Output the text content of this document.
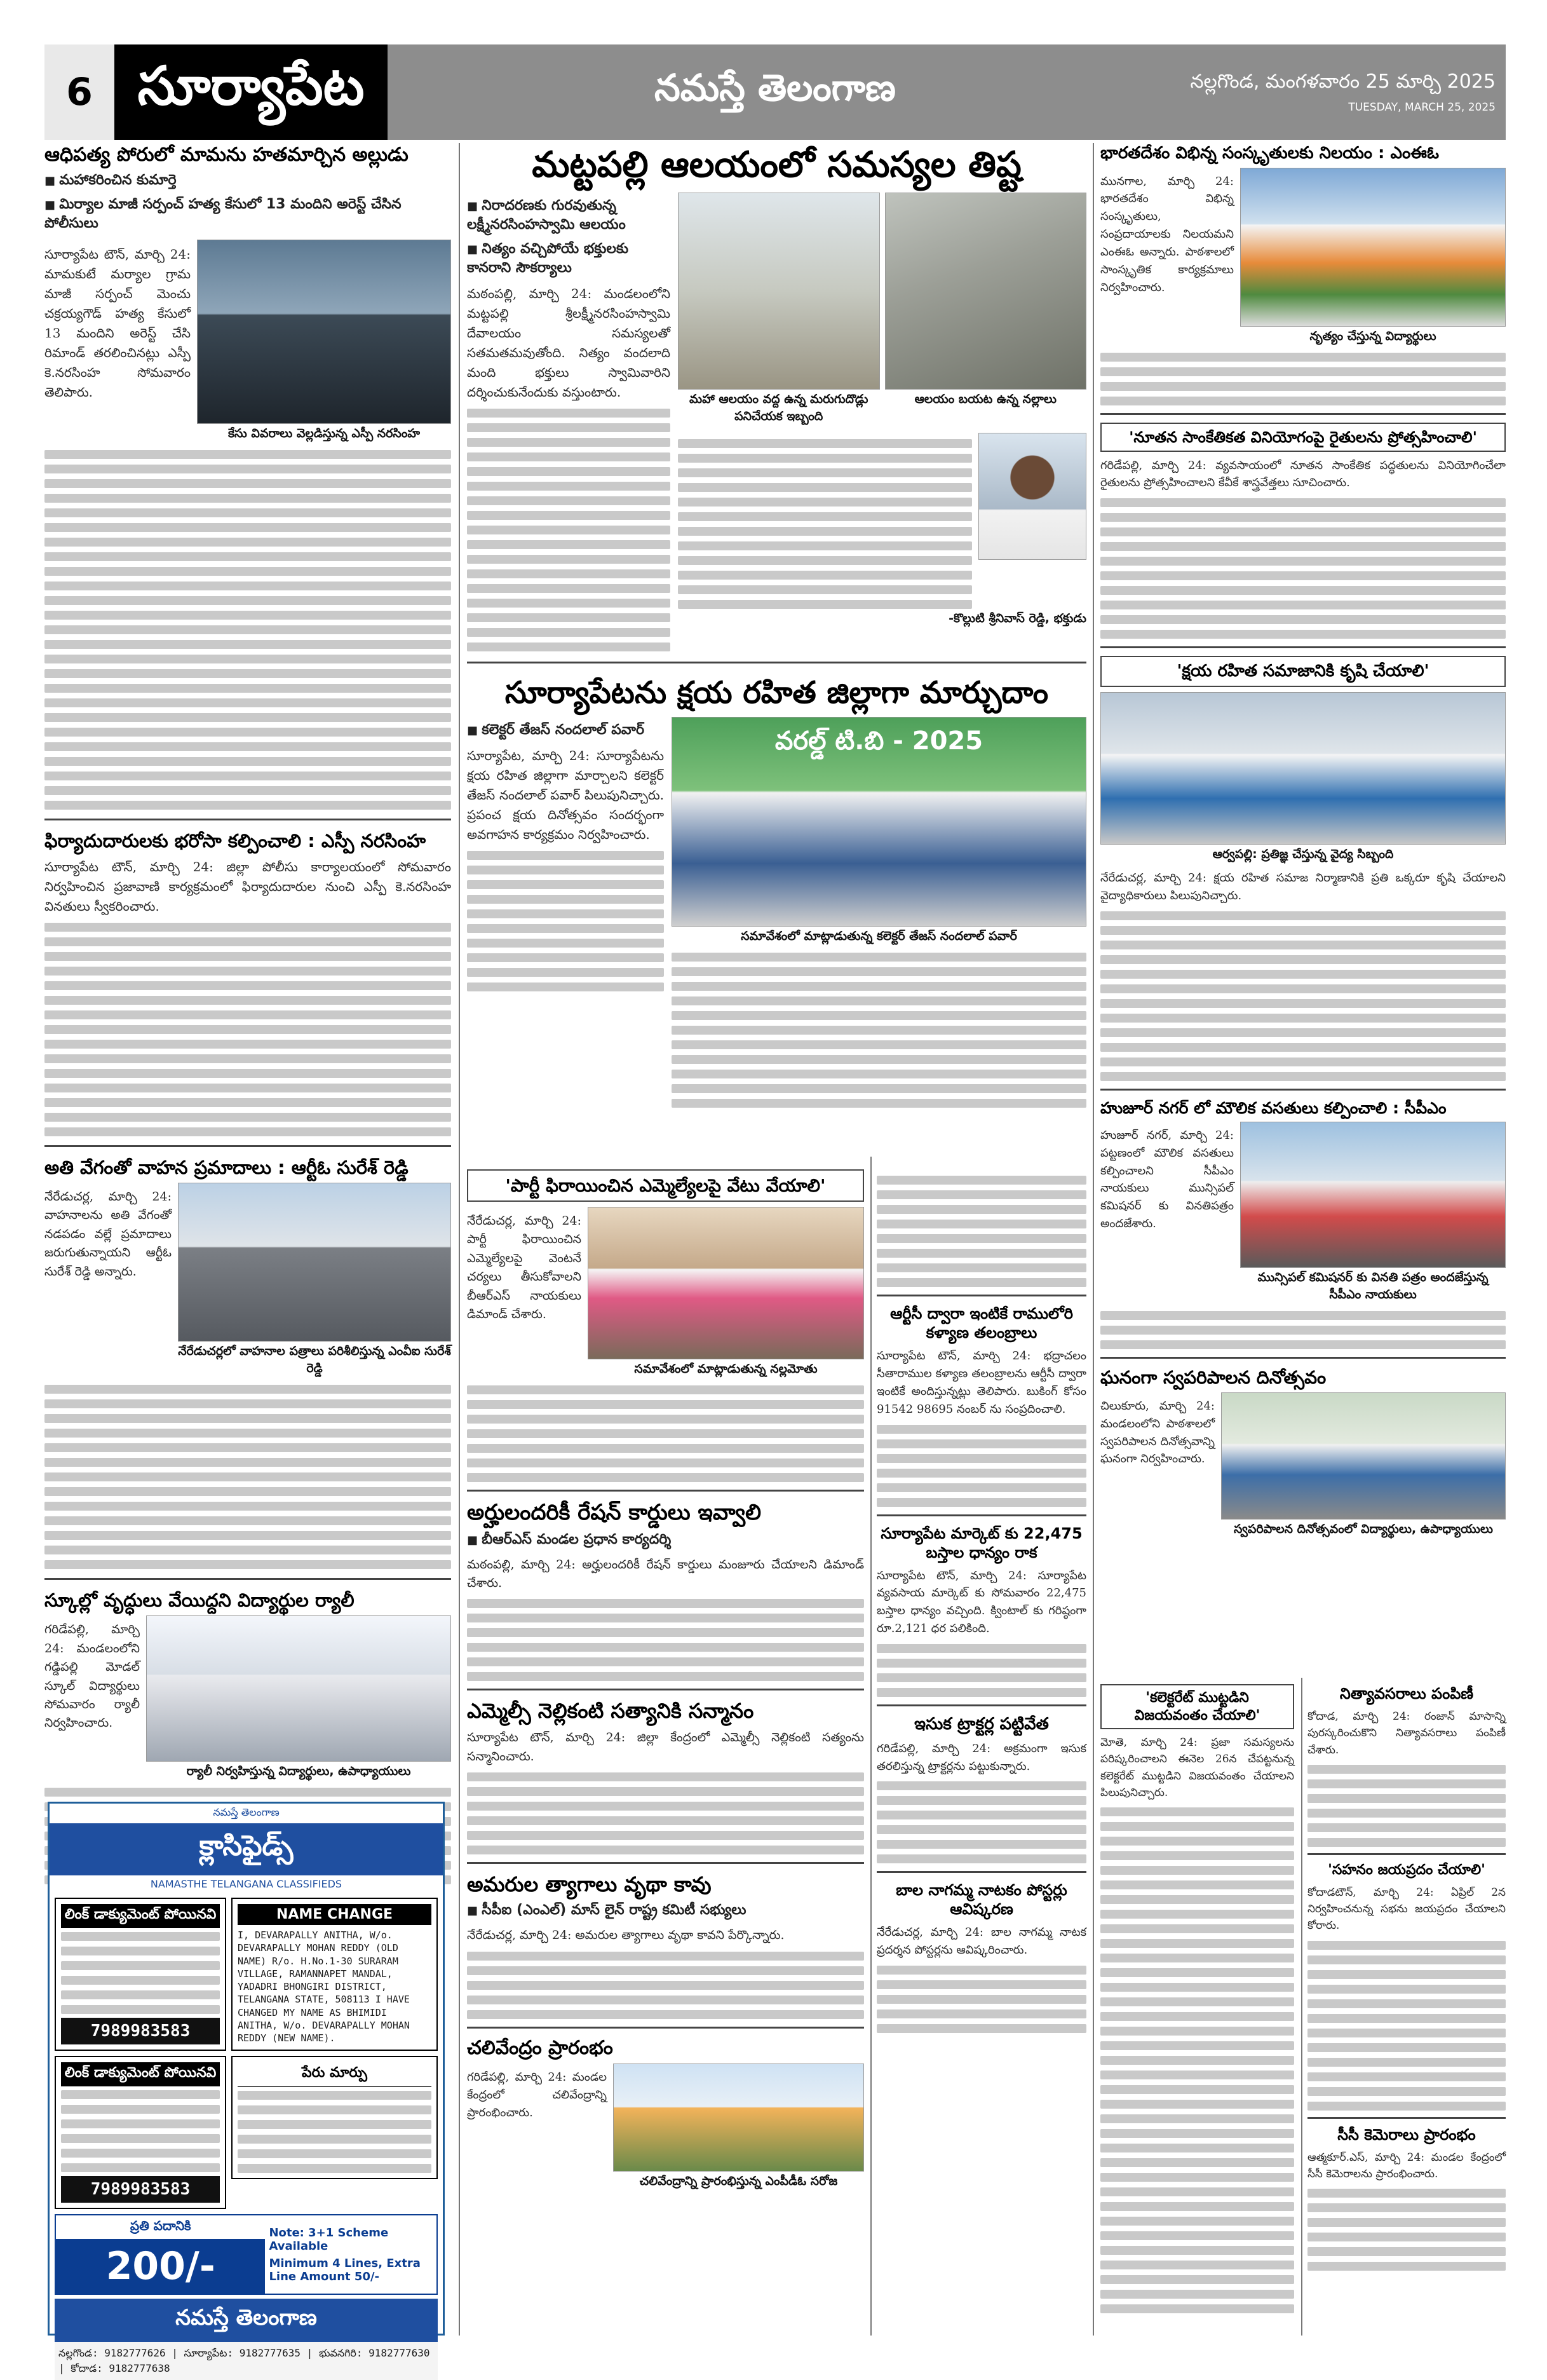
6 సూర్యాపేట	నమస్తే తెలంగాణ	నల్లగొండ, మంగళవారం 25 మార్చి 2025
TUESDAY, MARCH 25, 2025
ఆధిపత్య పోరులో మామను హతమార్చిన అల్లుడు
■ మహాకరించిన కుమార్తె
■ మిర్యాల మాజీ సర్పంచ్ హత్య కేసులో 13 మందిని అరెస్ట్ చేసిన పోలీసులు
సూర్యాపేట టౌన్, మార్చి 24: మామకుటే మర్యాల గ్రామ మాజీ సర్పంచ్ మెంచు చక్రయ్యగౌడ్ హత్య కేసులో 13 మందిని అరెస్ట్ చేసి రిమాండ్ తరలించినట్లు ఎస్పీ కె.నరసింహ సోమవారం తెలిపారు.
కేసు వివరాలు వెల్లడిస్తున్న ఎస్పీ నరసింహ
ఫిర్యాదుదారులకు భరోసా కల్పించాలి : ఎస్పీ నరసింహ
సూర్యాపేట టౌన్, మార్చి 24: జిల్లా పోలీసు కార్యాలయంలో సోమవారం నిర్వహించిన ప్రజావాణి కార్యక్రమంలో ఫిర్యాదుదారుల నుంచి ఎస్పీ కె.నరసింహ వినతులు స్వీకరించారు.
అతి వేగంతో వాహన ప్రమాదాలు : ఆర్టీఓ సురేశ్ రెడ్డి
నేరేడుచర్ల, మార్చి 24: వాహనాలను అతి వేగంతో నడపడం వల్లే ప్రమాదాలు జరుగుతున్నాయని ఆర్టీఓ సురేశ్ రెడ్డి అన్నారు.
నేరేడుచర్లలో వాహనాల పత్రాలు పరిశీలిస్తున్న ఎంవీఐ సురేశ్ రెడ్డి
స్కూల్లో వృద్ధులు వేయిద్దని విద్యార్థుల ర్యాలీ
గరిడేపల్లి, మార్చి 24: మండలంలోని గడ్డిపల్లి మోడల్ స్కూల్ విద్యార్థులు సోమవారం ర్యాలీ నిర్వహించారు.
ర్యాలీ నిర్వహిస్తున్న విద్యార్థులు, ఉపాధ్యాయులు
నమస్తే తెలంగాణ
క్లాసిఫైడ్స్
NAMASTHE TELANGANA CLASSIFIEDS
లింక్ డాక్యుమెంట్ పోయినవి
7989983583
లింక్ డాక్యుమెంట్ పోయినవి
7989983583
NAME CHANGE
I, DEVARAPALLY ANITHA, W/o. DEVARAPALLY MOHAN REDDY (OLD NAME) R/o. H.No.1-30 SURARAM VILLAGE, RAMANNAPET MANDAL, YADADRI BHONGIRI DISTRICT, TELANGANA STATE, 508113 I HAVE CHANGED MY NAME AS BHIMIDI ANITHA, W/o. DEVARAPALLY MOHAN REDDY (NEW NAME).
పేరు మార్పు
ప్రతి పదానికి
200/-
Note: 3+1 Scheme Available
Minimum 4 Lines, Extra Line Amount 50/-
నమస్తే తెలంగాణ
నల్లగొండ: 9182777626 | సూర్యాపేట: 9182777635 | భువనగిరి: 9182777630 | కోదాడ: 9182777638
మట్టపల్లి ఆలయంలో సమస్యల తిష్ట
■ నిరాదరణకు గురవుతున్న లక్ష్మీనరసింహస్వామి ఆలయం
■ నిత్యం వచ్చిపోయే భక్తులకు కానరాని సౌకర్యాలు
మఠంపల్లి, మార్చి 24: మండలంలోని మట్టపల్లి శ్రీలక్ష్మీనరసింహస్వామి దేవాలయం సమస్యలతో సతమతమవుతోంది. నిత్యం వందలాది మంది భక్తులు స్వామివారిని దర్శించుకునేందుకు వస్తుంటారు.	మహా ఆలయం వద్ద ఉన్న మరుగుదొడ్లు పనిచేయక ఇబ్బంది
ఆలయం బయట ఉన్న నల్లాలు
-కొల్లుటి శ్రీనివాస్ రెడ్డి, భక్తుడు
సూర్యాపేటను క్షయ రహిత జిల్లాగా మార్చుదాం
■ కలెక్టర్ తేజస్ నందలాల్ పవార్
సూర్యాపేట, మార్చి 24: సూర్యాపేటను క్షయ రహిత జిల్లాగా మార్చాలని కలెక్టర్ తేజస్ నందలాల్ పవార్ పిలుపునిచ్చారు. ప్రపంచ క్షయ దినోత్సవం సందర్భంగా అవగాహన కార్యక్రమం నిర్వహించారు.
వరల్డ్ టి.బి - 2025
సమావేశంలో మాట్లాడుతున్న కలెక్టర్ తేజస్ నందలాల్ పవార్
'పార్టీ ఫిరాయించిన ఎమ్మెల్యేలపై వేటు వేయాలి'
నేరేడుచర్ల, మార్చి 24: పార్టీ ఫిరాయించిన ఎమ్మెల్యేలపై వెంటనే చర్యలు తీసుకోవాలని బీఆర్ఎస్ నాయకులు డిమాండ్ చేశారు.
సమావేశంలో మాట్లాడుతున్న నల్లమోతు
అర్హులందరికీ రేషన్ కార్డులు ఇవ్వాలి
■ బీఆర్ఎస్ మండల ప్రధాన కార్యదర్శి
మఠంపల్లి, మార్చి 24: అర్హులందరికీ రేషన్ కార్డులు మంజూరు చేయాలని డిమాండ్ చేశారు.
ఎమ్మెల్సీ నెల్లికంటి సత్యానికి సన్మానం
సూర్యాపేట టౌన్, మార్చి 24: జిల్లా కేంద్రంలో ఎమ్మెల్సీ నెల్లికంటి సత్యంను సన్మానించారు.
అమరుల త్యాగాలు వృథా కావు
■ సీపీఐ (ఎంఎల్) మాస్ లైన్ రాష్ట్ర కమిటీ సభ్యులు
నేరేడుచర్ల, మార్చి 24: అమరుల త్యాగాలు వృథా కావని పేర్కొన్నారు.
చలివేంద్రం ప్రారంభం
గరిడేపల్లి, మార్చి 24: మండల కేంద్రంలో చలివేంద్రాన్ని ప్రారంభించారు.
చలివేంద్రాన్ని ప్రారంభిస్తున్న ఎంపీడీఓ సరోజ
ఆర్టీసీ ద్వారా ఇంటికే రాములోరి కళ్యాణ తలంబ్రాలు
సూర్యాపేట టౌన్, మార్చి 24: భద్రాచలం సీతారాముల కళ్యాణ తలంబ్రాలను ఆర్టీసీ ద్వారా ఇంటికే అందిస్తున్నట్లు తెలిపారు. బుకింగ్ కోసం 91542 98695 నంబర్ ను సంప్రదించాలి.
సూర్యాపేట మార్కెట్ కు 22,475 బస్తాల ధాన్యం రాక
సూర్యాపేట టౌన్, మార్చి 24: సూర్యాపేట వ్యవసాయ మార్కెట్ కు సోమవారం 22,475 బస్తాల ధాన్యం వచ్చింది. క్వింటాల్ కు గరిష్ఠంగా రూ.2,121 ధర పలికింది.
ఇసుక ట్రాక్టర్ల పట్టివేత
గరిడేపల్లి, మార్చి 24: అక్రమంగా ఇసుక తరలిస్తున్న ట్రాక్టర్లను పట్టుకున్నారు.
బాల నాగమ్మ నాటకం పోస్టర్లు ఆవిష్కరణ
నేరేడుచర్ల, మార్చి 24: బాల నాగమ్మ నాటక ప్రదర్శన పోస్టర్లను ఆవిష్కరించారు.
భారతదేశం విభిన్న సంస్కృతులకు నిలయం : ఎంఈఓ
మునగాల, మార్చి 24: భారతదేశం విభిన్న సంస్కృతులు, సంప్రదాయాలకు నిలయమని ఎంఈఓ అన్నారు. పాఠశాలలో సాంస్కృతిక కార్యక్రమాలు నిర్వహించారు.
నృత్యం చేస్తున్న విద్యార్థులు
'నూతన సాంకేతికత వినియోగంపై రైతులను ప్రోత్సహించాలి'
గరిడేపల్లి, మార్చి 24: వ్యవసాయంలో నూతన సాంకేతిక పద్ధతులను వినియోగించేలా రైతులను ప్రోత్సహించాలని కేవీకే శాస్త్రవేత్తలు సూచించారు.
'క్షయ రహిత సమాజానికి కృషి చేయాలి'
ఆర్వపల్లి: ప్రతిజ్ఞ చేస్తున్న వైద్య సిబ్బంది
నేరేడుచర్ల, మార్చి 24: క్షయ రహిత సమాజ నిర్మాణానికి ప్రతి ఒక్కరూ కృషి చేయాలని వైద్యాధికారులు పిలుపునిచ్చారు.
హుజూర్ నగర్ లో మౌలిక వసతులు కల్పించాలి : సీపీఎం
హుజూర్ నగర్, మార్చి 24: పట్టణంలో మౌలిక వసతులు కల్పించాలని సీపీఎం నాయకులు మున్సిపల్ కమిషనర్ కు వినతిపత్రం అందజేశారు.
మున్సిపల్ కమిషనర్ కు వినతి పత్రం అందజేస్తున్న సీపీఎం నాయకులు
ఘనంగా స్వపరిపాలన దినోత్సవం
చిలుకూరు, మార్చి 24: మండలంలోని పాఠశాలలో స్వపరిపాలన దినోత్సవాన్ని ఘనంగా నిర్వహించారు.
స్వపరిపాలన దినోత్సవంలో విద్యార్థులు, ఉపాధ్యాయులు
'కలెక్టరేట్ ముట్టడిని విజయవంతం చేయాలి'
మోతె, మార్చి 24: ప్రజా సమస్యలను పరిష్కరించాలని ఈనెల 26న చేపట్టనున్న కలెక్టరేట్ ముట్టడిని విజయవంతం చేయాలని పిలుపునిచ్చారు.
నిత్యావసరాలు పంపిణీ
కోదాడ, మార్చి 24: రంజాన్ మాసాన్ని పురస్కరించుకొని నిత్యావసరాలు పంపిణీ చేశారు.
'సహనం జయప్రదం చేయాలి'
కోదాడటౌన్, మార్చి 24: ఏప్రిల్ 2న నిర్వహించనున్న సభను జయప్రదం చేయాలని కోరారు.
సీసీ కెమెరాలు ప్రారంభం
ఆత్మకూర్.ఎస్, మార్చి 24: మండల కేంద్రంలో సీసీ కెమెరాలను ప్రారంభించారు.
